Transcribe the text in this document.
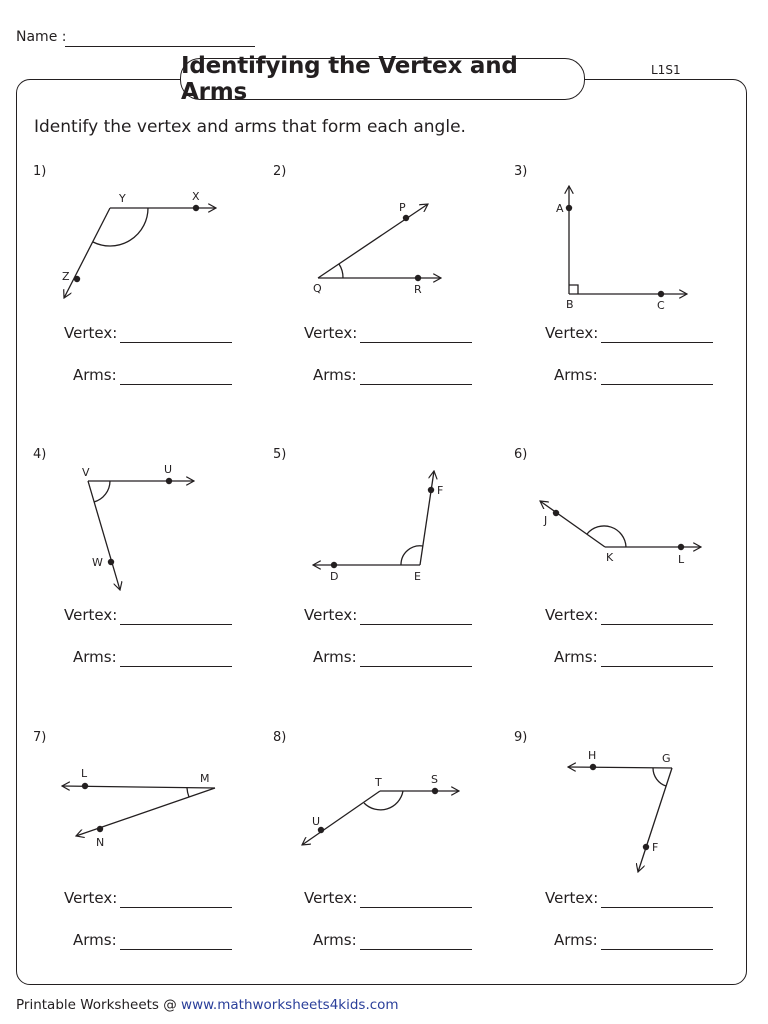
Name :
Identifying the Vertex and Arms
L1S1
Identify the vertex and arms that form each angle.
1)	2)	3)
4)	5)	6)
7)	8)	9)
Vertex:
Arms:
Vertex:
Arms:
Vertex:
Arms:
Vertex:
Arms:
Vertex:
Arms:
Vertex:
Arms:
Vertex:
Arms:
Vertex:
Arms:
Vertex:
Arms:
Y	X
Z
P
Q	R
A
B	C
V	U
W
F
D	E
J
K	L
L	M
N
T	S
U
H	G
F
Printable Worksheets @ www.mathworksheets4kids.com
